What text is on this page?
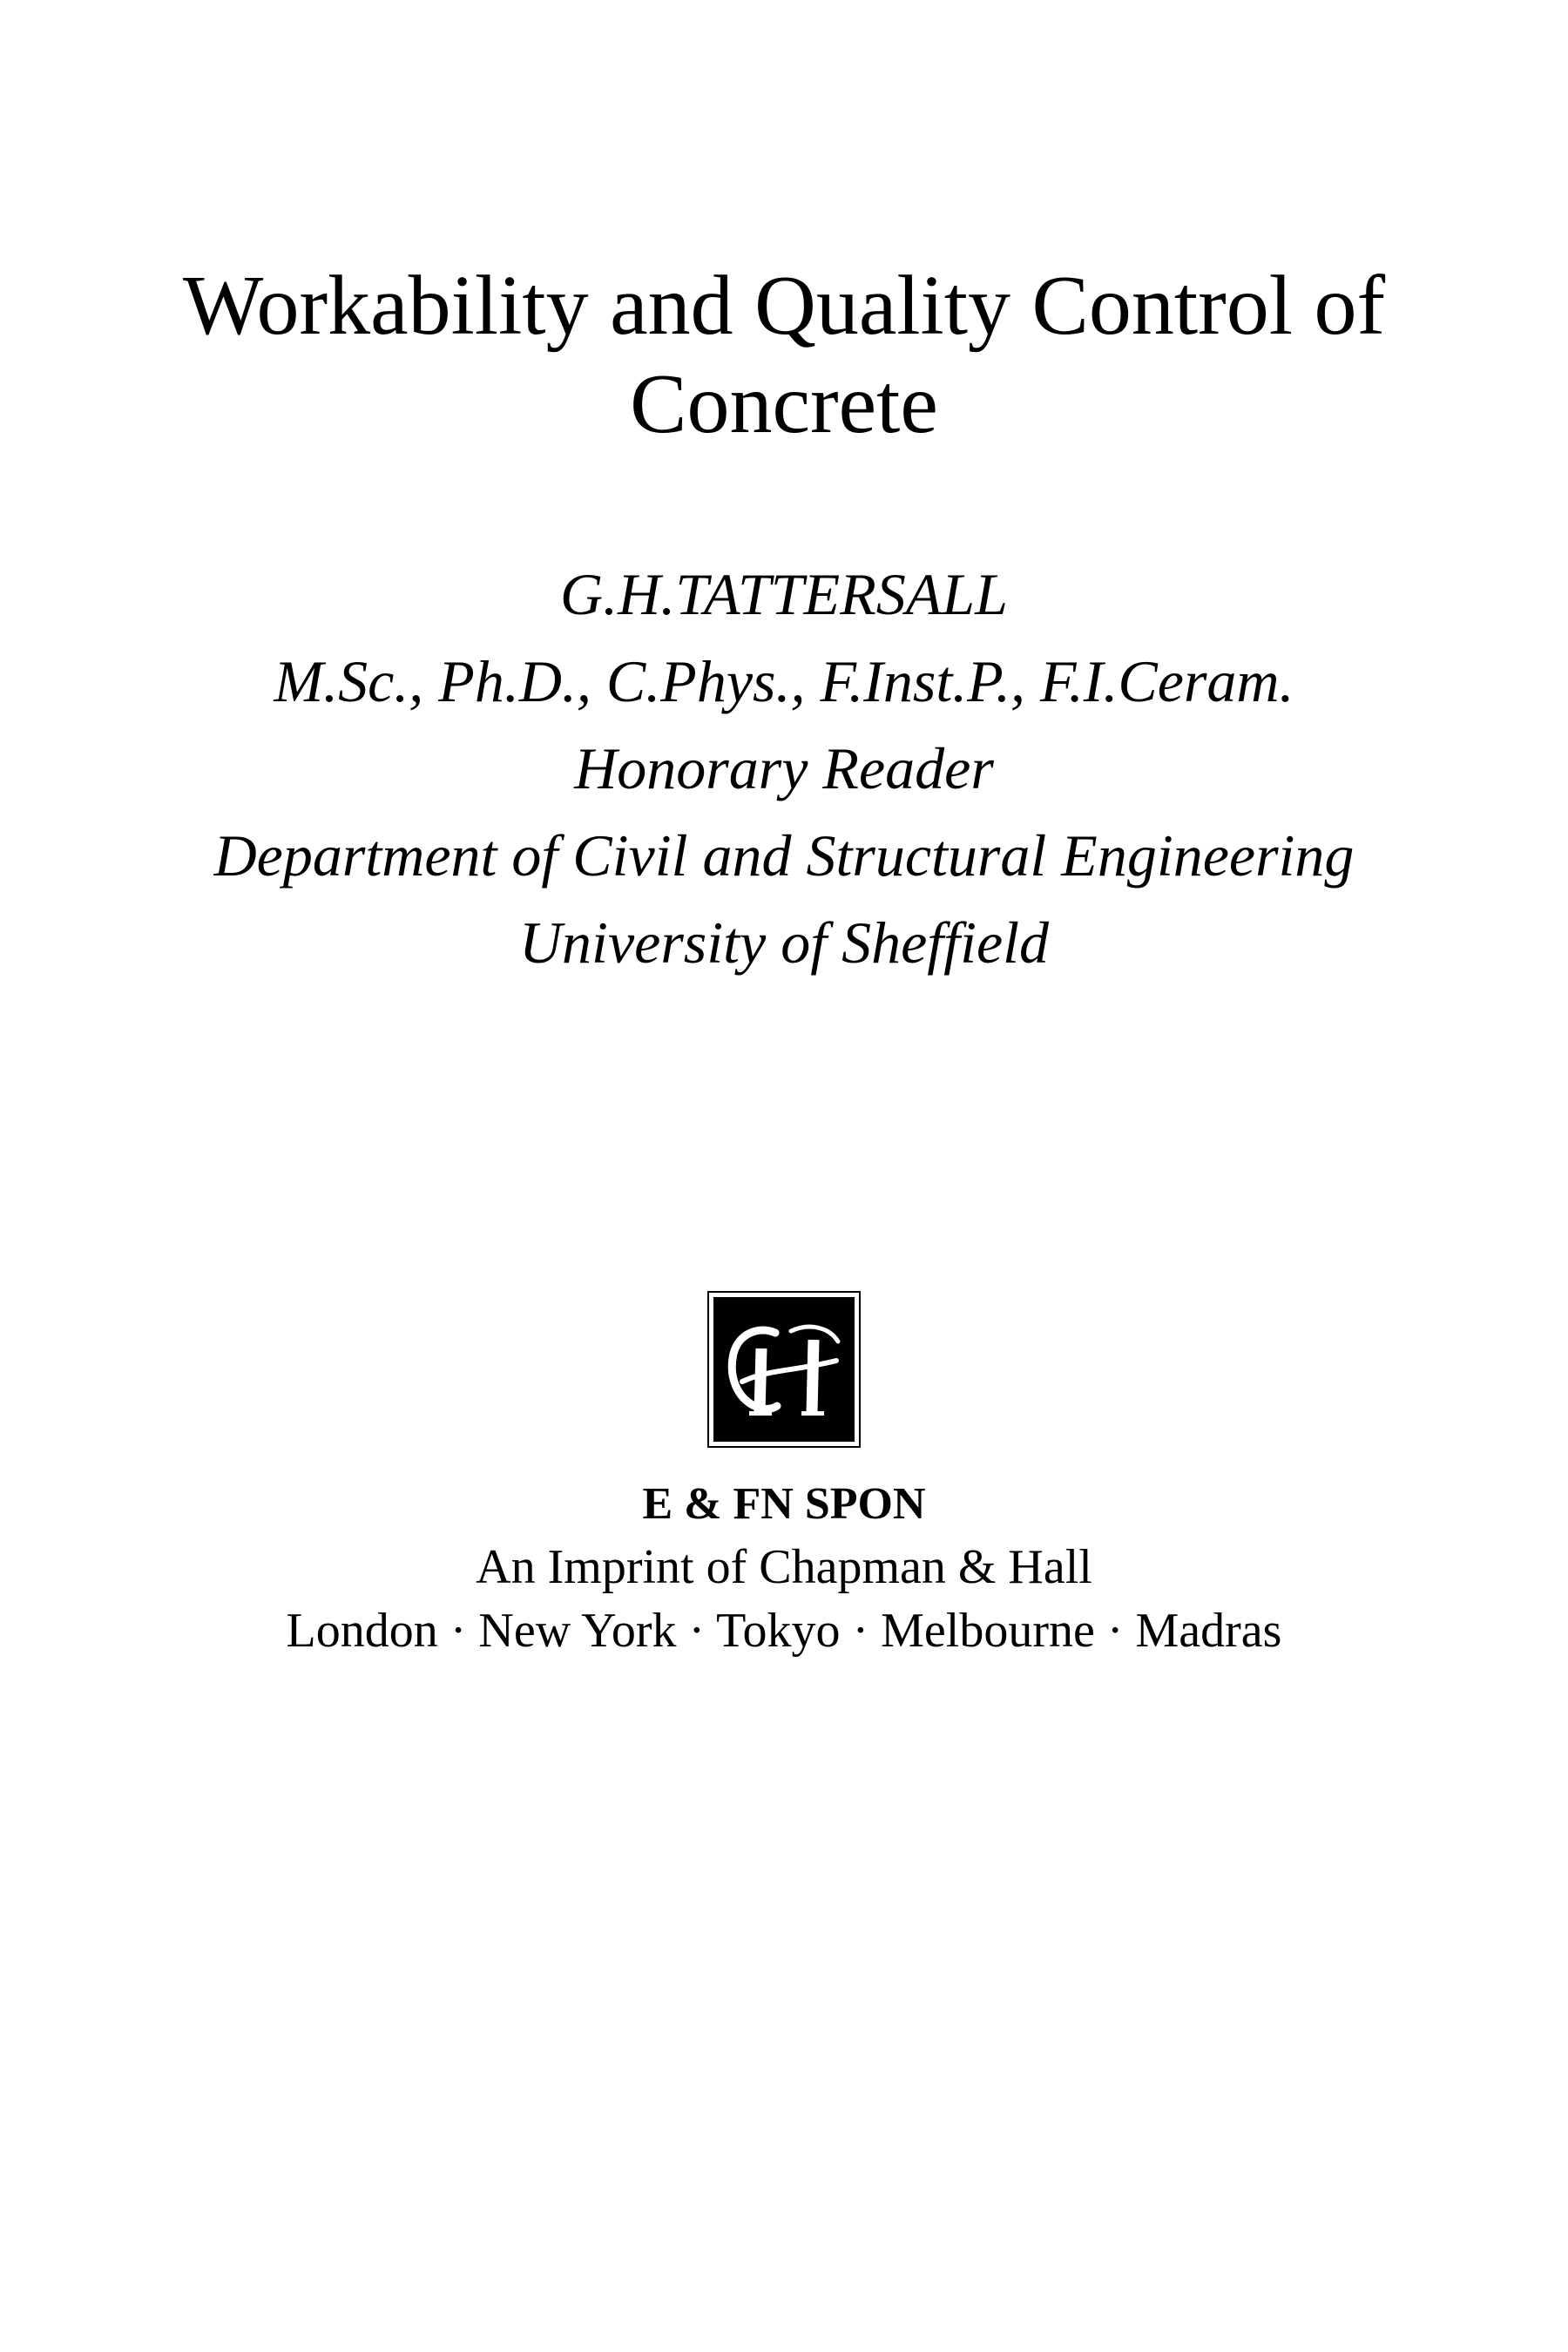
Workability and Quality Control of
Concrete
G.H.TATTERSALL
M.Sc., Ph.D., C.Phys., F.Inst.P., F.I.Ceram.
Honorary Reader
Department of Civil and Structural Engineering
University of Sheffield
E & FN SPON
An Imprint of Chapman & Hall
London · New York · Tokyo · Melbourne · Madras
